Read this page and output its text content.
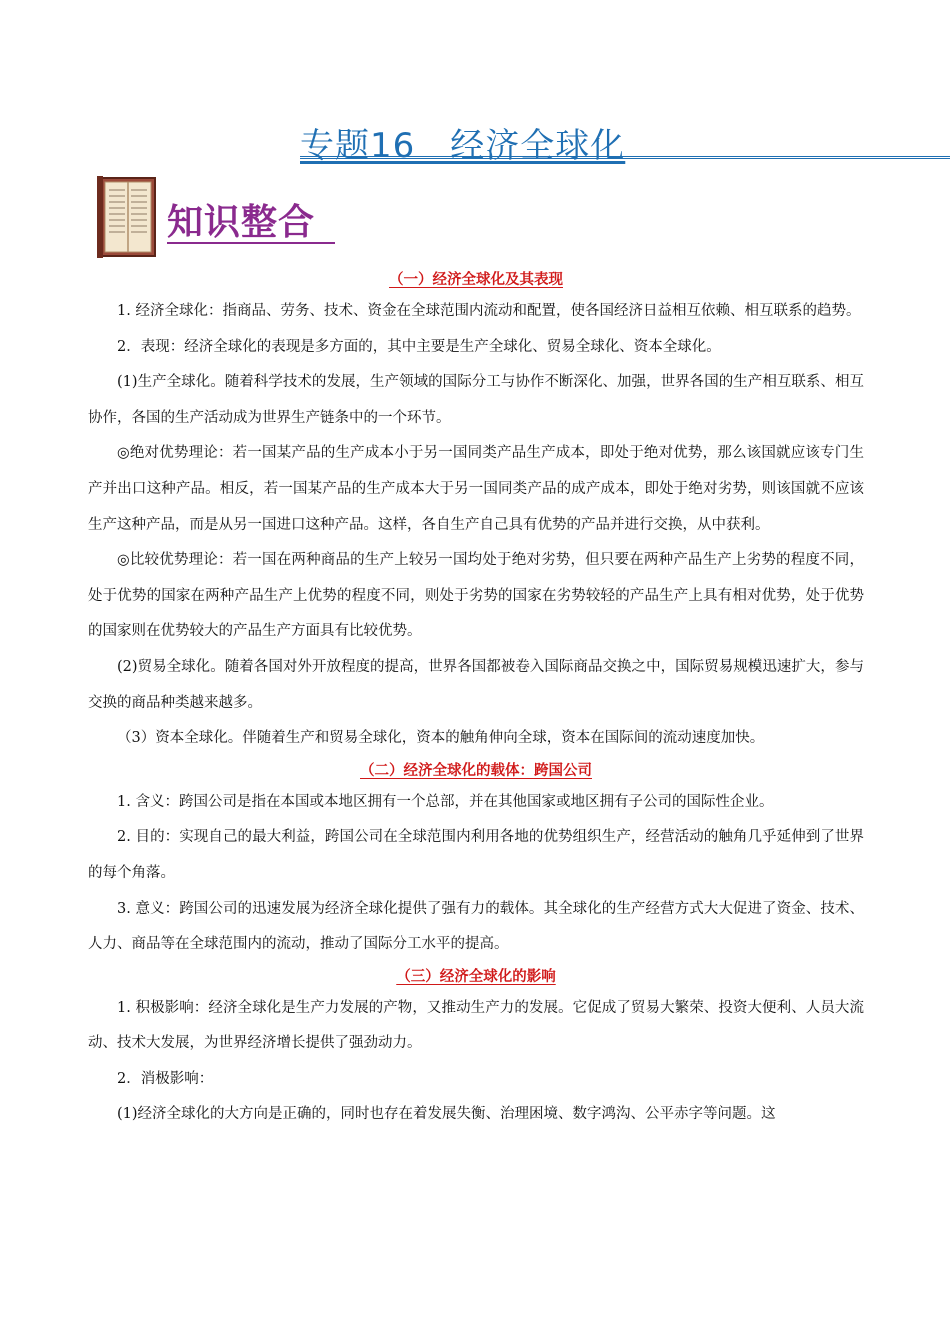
专题16　经济全球化
知识整合
（一）经济全球化及其表现

1. 经济全球化：指商品、劳务、技术、资金在全球范围内流动和配置，使各国经济日益相互依赖、相互联系的趋势。

2．表现：经济全球化的表现是多方面的，其中主要是生产全球化、贸易全球化、资本全球化。

(1)生产全球化。随着科学技术的发展，生产领域的国际分工与协作不断深化、加强，世界各国的生产相互联系、相互协作，各国的生产活动成为世界生产链条中的一个环节。

◎绝对优势理论：若一国某产品的生产成本小于另一国同类产品生产成本，即处于绝对优势，那么该国就应该专门生产并出口这种产品。相反，若一国某产品的生产成本大于另一国同类产品的成产成本，即处于绝对劣势，则该国就不应该生产这种产品，而是从另一国进口这种产品。这样，各自生产自己具有优势的产品并进行交换，从中获利。

◎比较优势理论：若一国在两种商品的生产上较另一国均处于绝对劣势，但只要在两种产品生产上劣势的程度不同，处于优势的国家在两种产品生产上优势的程度不同，则处于劣势的国家在劣势较轻的产品生产上具有相对优势，处于优势的国家则在优势较大的产品生产方面具有比较优势。

(2)贸易全球化。随着各国对外开放程度的提高，世界各国都被卷入国际商品交换之中，国际贸易规模迅速扩大，参与交换的商品种类越来越多。

（3）资本全球化。伴随着生产和贸易全球化，资本的触角伸向全球，资本在国际间的流动速度加快。

（二）经济全球化的载体：跨国公司

1. 含义：跨国公司是指在本国或本地区拥有一个总部，并在其他国家或地区拥有子公司的国际性企业。

2. 目的：实现自己的最大利益，跨国公司在全球范围内利用各地的优势组织生产，经营活动的触角几乎延伸到了世界的每个角落。

3. 意义：跨国公司的迅速发展为经济全球化提供了强有力的载体。其全球化的生产经营方式大大促进了资金、技术、人力、商品等在全球范围内的流动，推动了国际分工水平的提高。

（三）经济全球化的影响

1. 积极影响：经济全球化是生产力发展的产物，又推动生产力的发展。它促成了贸易大繁荣、投资大便利、人员大流动、技术大发展，为世界经济增长提供了强劲动力。

2．消极影响：

(1)经济全球化的大方向是正确的，同时也存在着发展失衡、治理困境、数字鸿沟、公平赤字等问题。这
